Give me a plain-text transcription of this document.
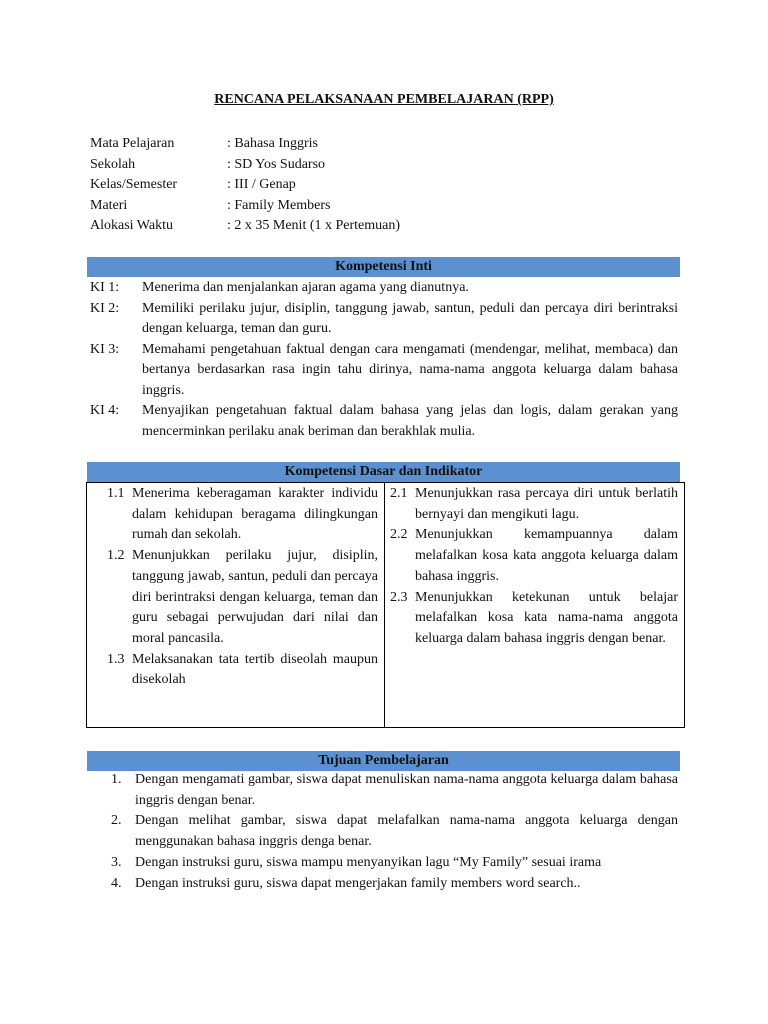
RENCANA PELAKSANAAN PEMBELAJARAN (RPP)
Mata Pelajaran	: Bahasa Inggris
Sekolah	: SD Yos Sudarso
Kelas/Semester	: III / Genap
Materi	: Family Members
Alokasi Waktu	: 2 x 35 Menit (1 x Pertemuan)
Kompetensi Inti
KI 1:	Menerima dan menjalankan ajaran agama yang dianutnya.
KI 2:	Memiliki perilaku jujur, disiplin, tanggung jawab, santun, peduli dan percaya diri berintraksi dengan keluarga, teman dan guru.
KI 3:	Memahami pengetahuan faktual dengan cara mengamati (mendengar, melihat, membaca) dan bertanya berdasarkan rasa ingin tahu dirinya, nama-nama anggota keluarga dalam bahasa inggris.
KI 4:	Menyajikan pengetahuan faktual dalam bahasa yang jelas dan logis, dalam gerakan yang mencerminkan perilaku anak beriman dan berakhlak mulia.
Kompetensi Dasar dan Indikator
1.1 Menerima keberagaman karakter individu dalam kehidupan beragama dilingkungan rumah dan sekolah.
1.2 Menunjukkan perilaku jujur, disiplin, tanggung jawab, santun, peduli dan percaya diri berintraksi dengan keluarga, teman dan guru sebagai perwujudan dari nilai dan moral pancasila.
1.3 Melaksanakan tata tertib diseolah maupun disekolah
2.1 Menunjukkan rasa percaya diri untuk berlatih bernyayi dan mengikuti lagu.
2.2 Menunjukkan kemampuannya dalam melafalkan kosa kata anggota keluarga dalam bahasa inggris.
2.3 Menunjukkan ketekunan untuk belajar melafalkan kosa kata nama-nama anggota keluarga dalam bahasa inggris dengan benar.
Tujuan Pembelajaran
1. Dengan mengamati gambar, siswa dapat menuliskan nama-nama anggota keluarga dalam bahasa inggris dengan benar.
2. Dengan melihat gambar, siswa dapat melafalkan nama-nama anggota keluarga dengan menggunakan bahasa inggris denga benar.
3. Dengan instruksi guru, siswa mampu menyanyikan lagu “My Family” sesuai irama
4. Dengan instruksi guru, siswa dapat mengerjakan family members word search..
